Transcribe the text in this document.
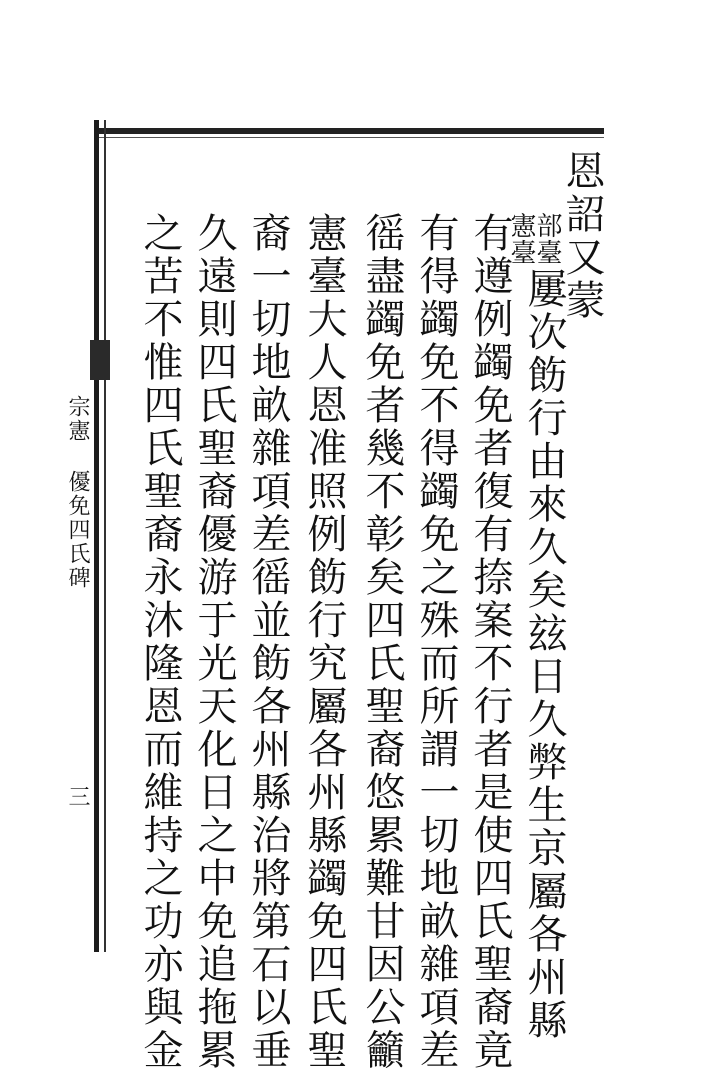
恩詔又蒙
部臺
憲臺
屢次飭行由來久矣玆日久弊生京屬各州縣
有遵例蠲免者復有捺案不行者是使四氏聖裔竟
有得蠲免不得蠲免之殊而所謂一切地畝雜項差
徭盡蠲免者幾不彰矣四氏聖裔悠累難甘因公籲
憲臺大人恩准照例飭行究屬各州縣蠲免四氏聖
裔一切地畝雜項差徭並飭各州縣治將第石以垂
久遠則四氏聖裔優游于光天化日之中免追拖累
之苦不惟四氏聖裔永沐隆恩而維持之功亦與金
宗憲
優免四氏碑
三
